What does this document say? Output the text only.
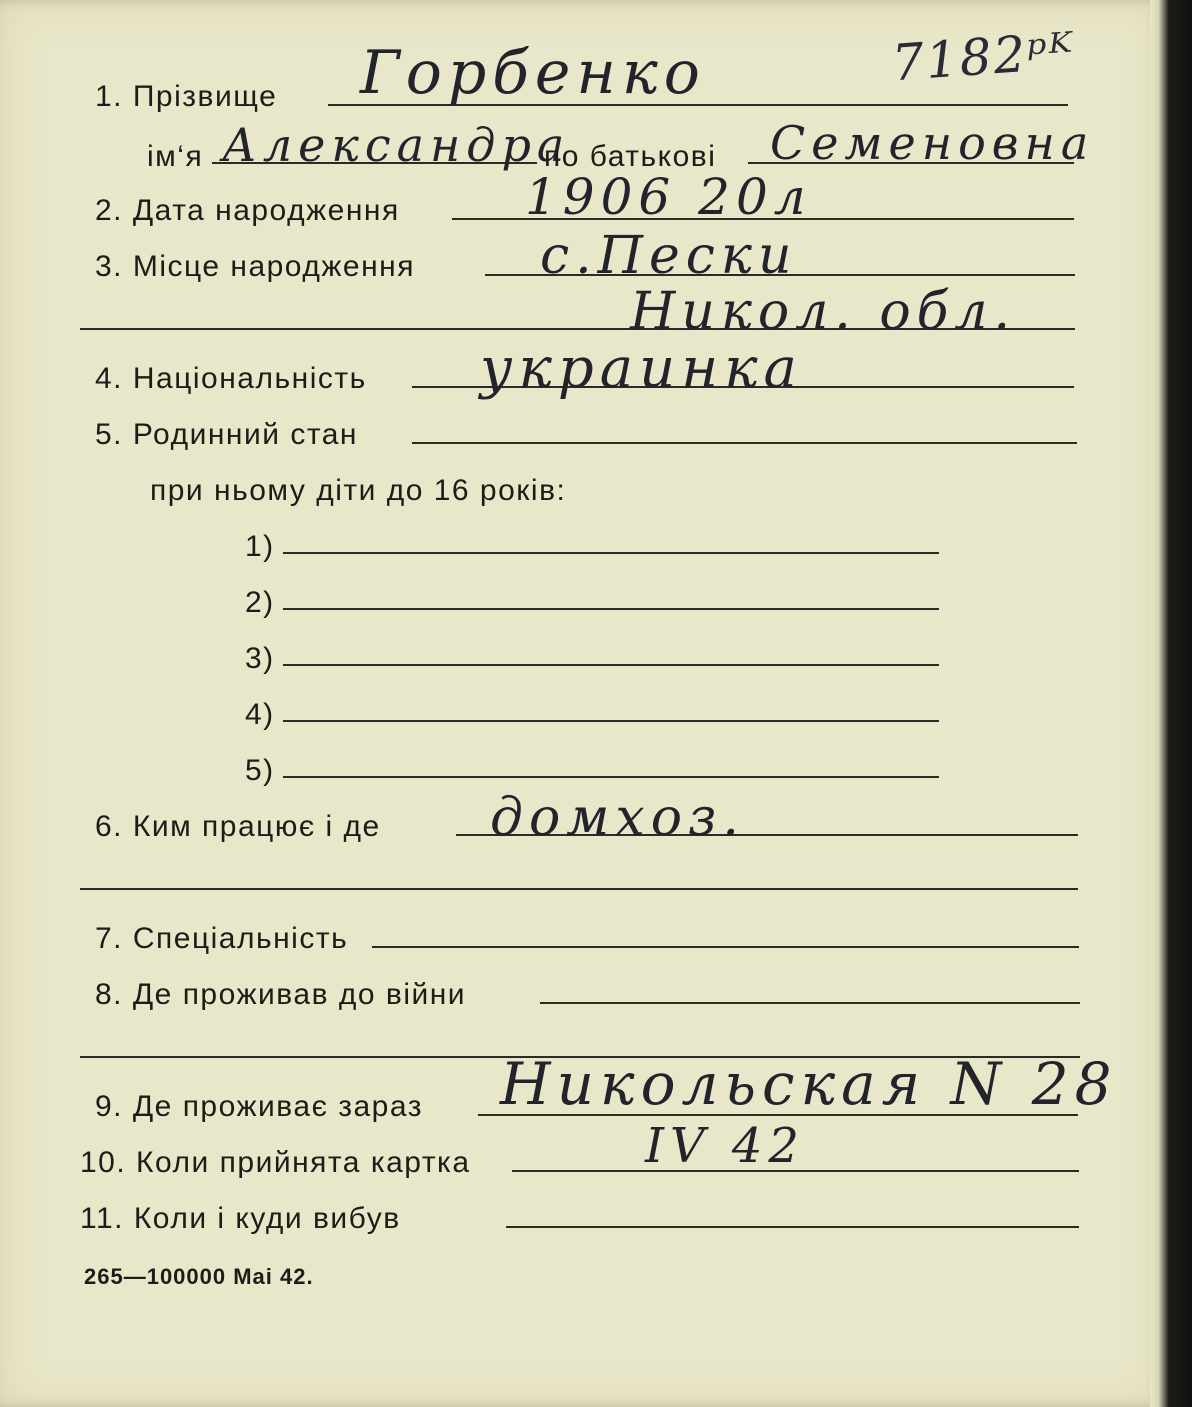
7182ᵖᴷ
1. Прізвище Горбенко
ім‘я Александра
по батькові Семеновна
2. Дата народження	1906 20л
3. Місце народження с.Пески
Никол. обл.
4. Національність украинка
5. Родинний стан
при ньому діти до 16 років:
1)
2)
3)
4)
5)
6. Ким працює і де домхоз.
7. Спеціальність
8. Де проживав до війни
9. Де проживає зараз Никольская N 28
10. Коли прийнята картка	IV 42
11. Коли і куди вибув
265—100000 Mai 42.
